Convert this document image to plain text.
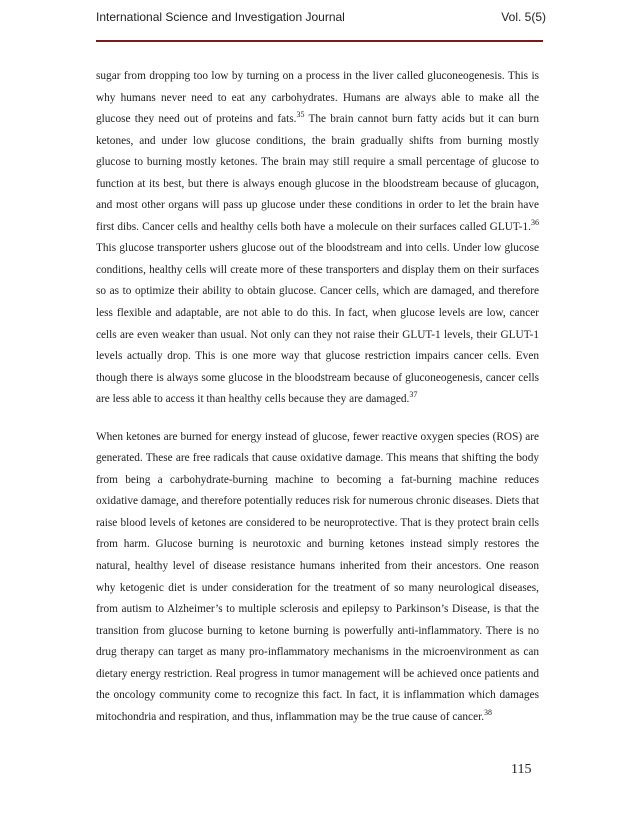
International Science and Investigation Journal	Vol. 5(5)

sugar from dropping too low by turning on a process in the liver called gluconeogenesis. This is why humans never need to eat any carbohydrates. Humans are always able to make all the glucose they need out of proteins and fats.$^{35}$ The brain cannot burn fatty acids but it can burn ketones, and under low glucose conditions, the brain gradually shifts from burning mostly glucose to burning mostly ketones. The brain may still require a small percentage of glucose to function at its best, but there is always enough glucose in the bloodstream because of glucagon, and most other organs will pass up glucose under these conditions in order to let the brain have first dibs. Cancer cells and healthy cells both have a molecule on their surfaces called GLUT-1.36 This glucose transporter ushers glucose out of the bloodstream and into cells. Under low glucose conditions, healthy cells will create more of these transporters and display them on their surfaces so as to optimize their ability to obtain glucose. Cancer cells, which are damaged, and therefore less flexible and adaptable, are not able to do this. In fact, when glucose levels are low, cancer cells are even weaker than usual. Not only can they not raise their GLUT-1 levels, their GLUT-1 levels actually drop. This is one more way that glucose restriction impairs cancer cells. Even though there is always some glucose in the bloodstream because of gluconeogenesis, cancer cells are less able to access it than healthy cells because they are damaged.$^{37}$

When ketones are burned for energy instead of glucose, fewer reactive oxygen species (ROS) are generated. These are free radicals that cause oxidative damage. This means that shifting the body from being a carbohydrate-burning machine to becoming a fat-burning machine reduces oxidative damage, and therefore potentially reduces risk for numerous chronic diseases. Diets that raise blood levels of ketones are considered to be neuroprotective. That is they protect brain cells from harm. Glucose burning is neurotoxic and burning ketones instead simply restores the natural, healthy level of disease resistance humans inherited from their ancestors. One reason why ketogenic diet is under consideration for the treatment of so many neurological diseases, from autism to Alzheimer’s to multiple sclerosis and epilepsy to Parkinson’s Disease, is that the transition from glucose burning to ketone burning is powerfully anti-inflammatory. There is no drug therapy can target as many pro-inflammatory mechanisms in the microenvironment as can dietary energy restriction. Real progress in tumor management will be achieved once patients and the oncology community come to recognize this fact. In fact, it is inflammation which damages mitochondria and respiration, and thus, inflammation may be the true cause of cancer.$^{38}$

115
